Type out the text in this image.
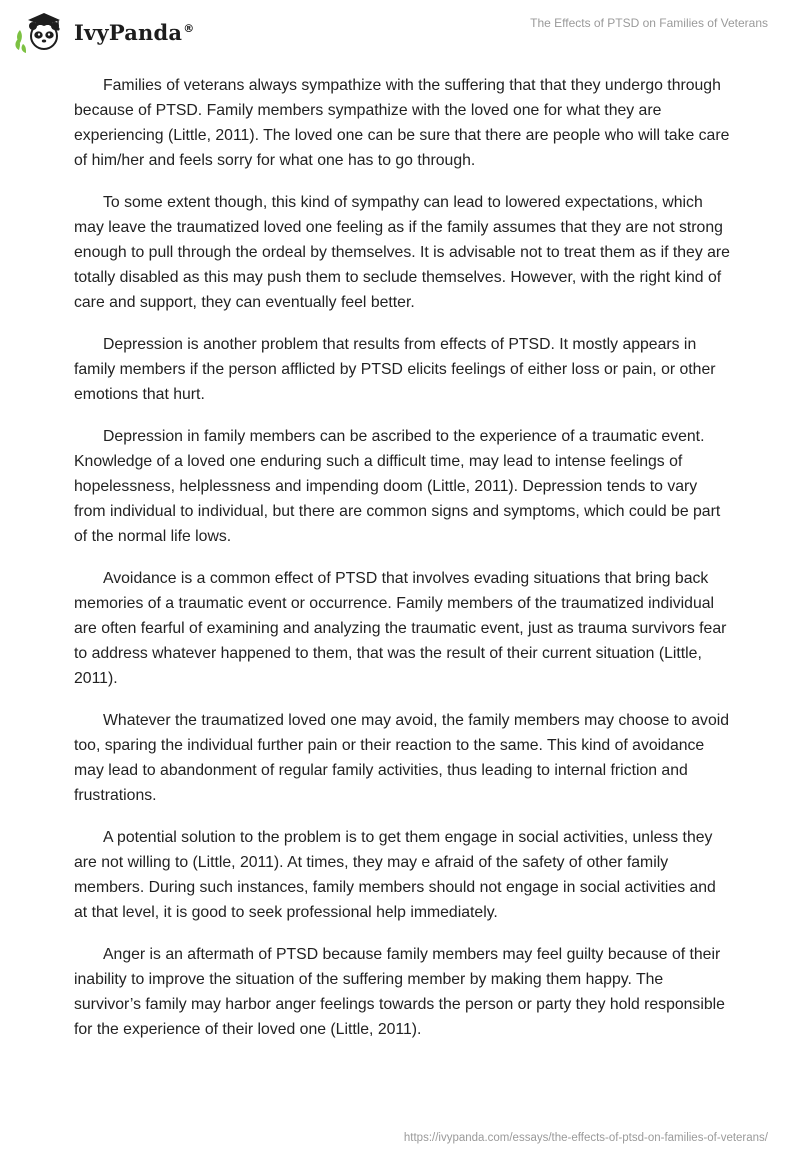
IvyPanda®	The Effects of PTSD on Families of Veterans

Families of veterans always sympathize with the suffering that that they undergo through because of PTSD. Family members sympathize with the loved one for what they are experiencing (Little, 2011). The loved one can be sure that there are people who will take care of him/her and feels sorry for what one has to go through.

To some extent though, this kind of sympathy can lead to lowered expectations, which may leave the traumatized loved one feeling as if the family assumes that they are not strong enough to pull through the ordeal by themselves. It is advisable not to treat them as if they are totally disabled as this may push them to seclude themselves. However, with the right kind of care and support, they can eventually feel better.

Depression is another problem that results from effects of PTSD. It mostly appears in family members if the person afflicted by PTSD elicits feelings of either loss or pain, or other emotions that hurt.

Depression in family members can be ascribed to the experience of a traumatic event. Knowledge of a loved one enduring such a difficult time, may lead to intense feelings of hopelessness, helplessness and impending doom (Little, 2011). Depression tends to vary from individual to individual, but there are common signs and symptoms, which could be part of the normal life lows.

Avoidance is a common effect of PTSD that involves evading situations that bring back memories of a traumatic event or occurrence. Family members of the traumatized individual are often fearful of examining and analyzing the traumatic event, just as trauma survivors fear to address whatever happened to them, that was the result of their current situation (Little, 2011).

Whatever the traumatized loved one may avoid, the family members may choose to avoid too, sparing the individual further pain or their reaction to the same. This kind of avoidance may lead to abandonment of regular family activities, thus leading to internal friction and frustrations.

A potential solution to the problem is to get them engage in social activities, unless they are not willing to (Little, 2011). At times, they may e afraid of the safety of other family members. During such instances, family members should not engage in social activities and at that level, it is good to seek professional help immediately.

Anger is an aftermath of PTSD because family members may feel guilty because of their inability to improve the situation of the suffering member by making them happy. The survivor’s family may harbor anger feelings towards the person or party they hold responsible for the experience of their loved one (Little, 2011).

https://ivypanda.com/essays/the-effects-of-ptsd-on-families-of-veterans/
